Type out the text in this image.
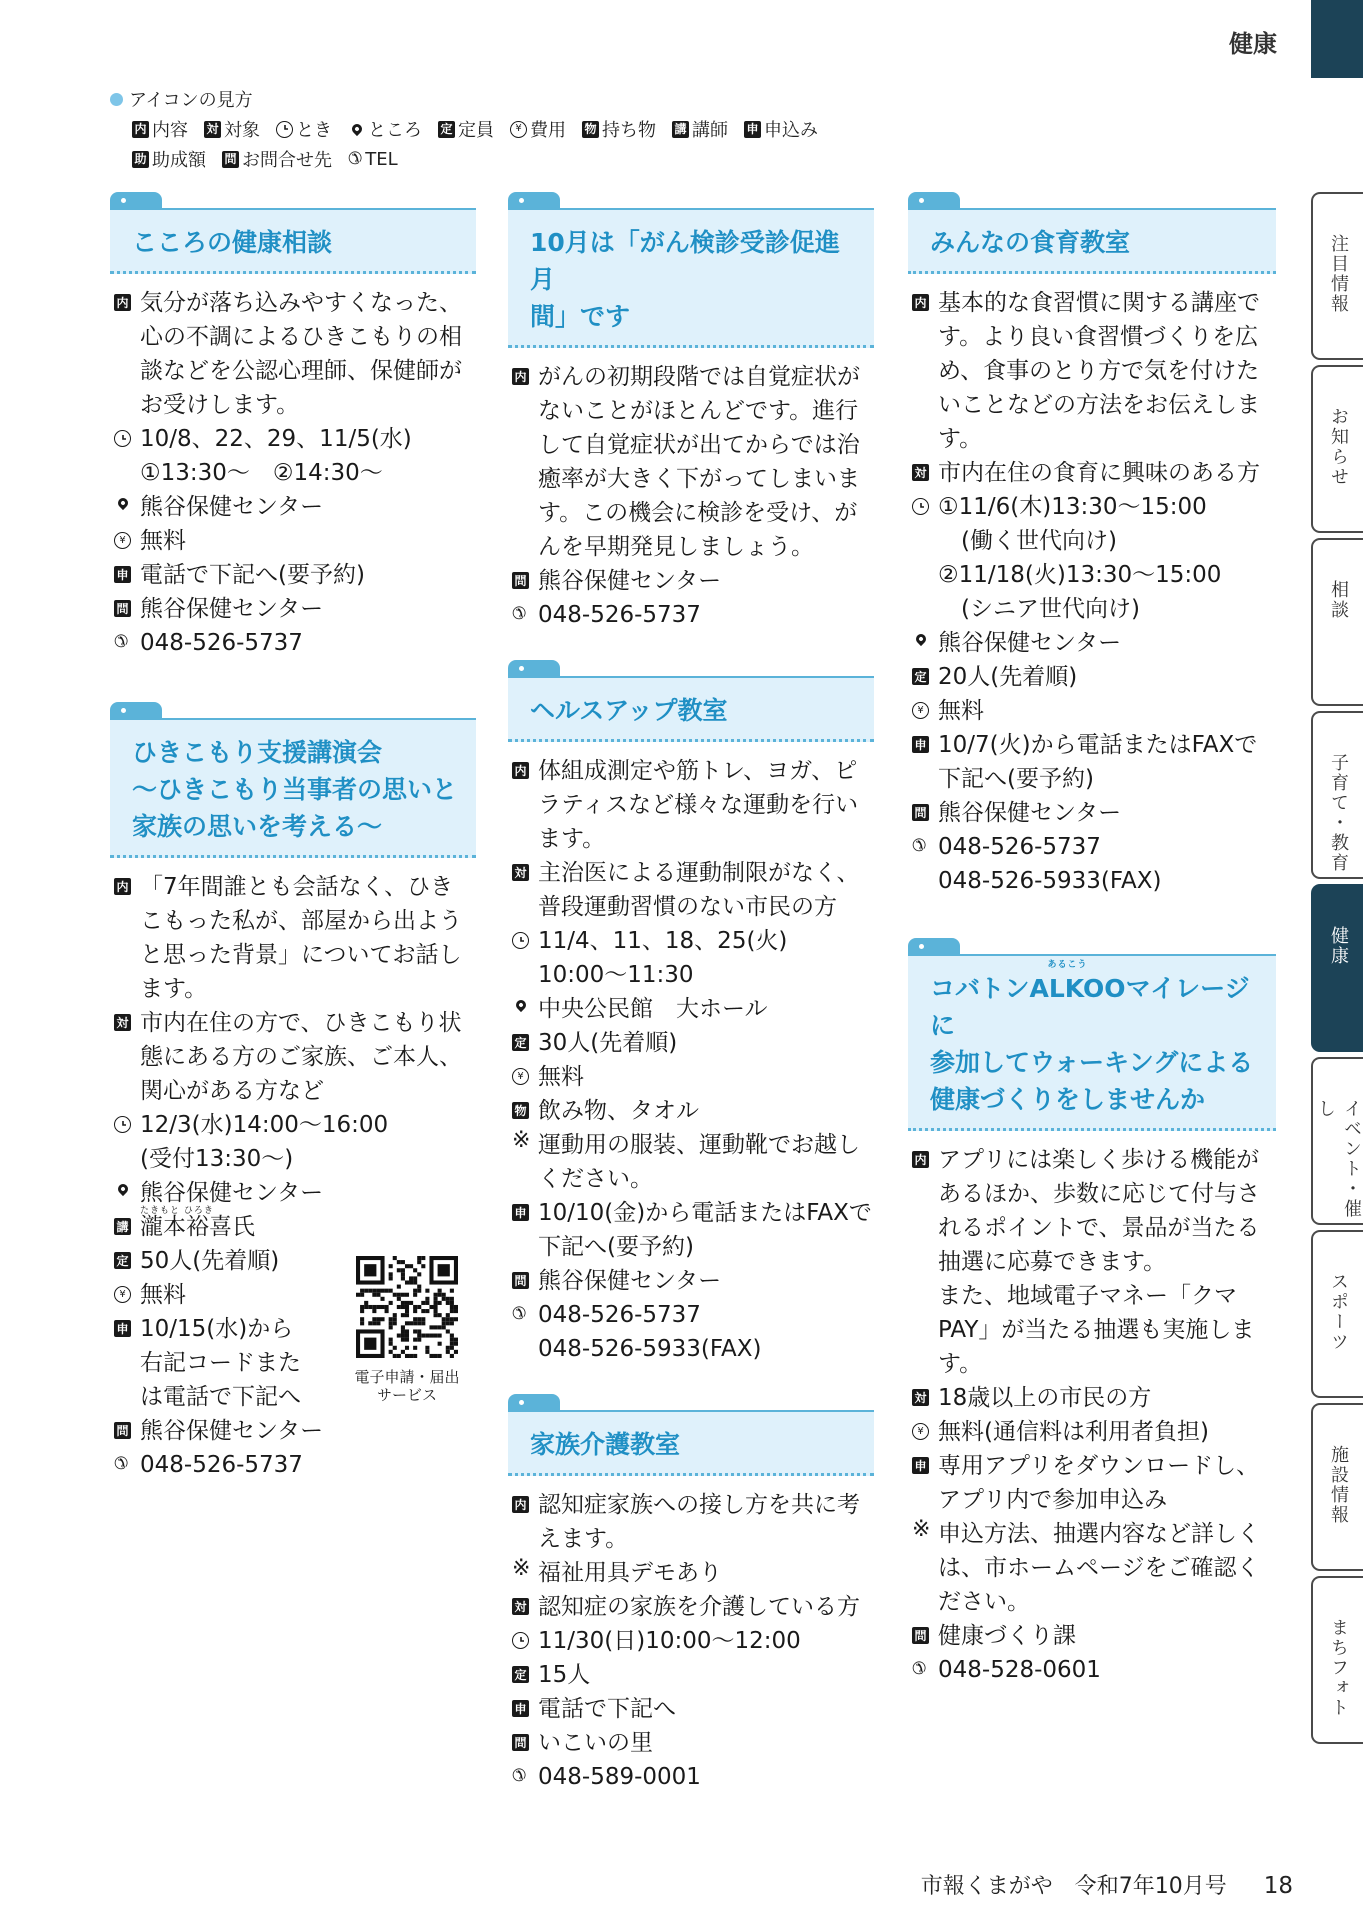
健康
アイコンの見方
内 内容 対 対象 とき ところ 定 定員	¥ 費用 物 持ち物 講 講師 申 申込み
助 助成額 問 お問合せ先 ✆ TEL
こころの健康相談
内 気分が落ち込みやすくなった、心の不調によるひきこもりの相談などを公認心理師、保健師がお受けします。
10/8、22、29、11/5(水)
①13:30～　②14:30～
熊谷保健センター
¥ 無料
申 電話で下記へ(要予約)
問 熊谷保健センター
✆ 048-526-5737
ひきこもり支援講演会
～ひきこもり当事者の思いと
家族の思いを考える～
内 「7年間誰とも会話なく、ひきこもった私が、部屋から出ようと思った背景」についてお話します。
対 市内在住の方で、ひきこもり状態にある方のご家族、ご本人、関心がある方など
12/3(水)14:00～16:00
(受付13:30～)
熊谷保健センター
講 瀧本裕喜氏
たきもと ひろき
定 50人(先着順)
¥ 無料
申 10/15(水)から
右記コードまた
は電話で下記へ
問 熊谷保健センター
✆ 048-526-5737
10月は「がん検診受診促進月
間」です
内 がんの初期段階では自覚症状がないことがほとんどです。進行して自覚症状が出てからでは治癒率が大きく下がってしまいます。この機会に検診を受け、がんを早期発見しましょう。
問 熊谷保健センター
✆ 048-526-5737
ヘルスアップ教室
内 体組成測定や筋トレ、ヨガ、ピラティスなど様々な運動を行います。
対 主治医による運動制限がなく、普段運動習慣のない市民の方
11/4、11、18、25(火)
10:00～11:30
中央公民館　大ホール
定 30人(先着順)
¥ 無料
物 飲み物、タオル
※ 運動用の服装、運動靴でお越しください。
申 10/10(金)から電話またはFAXで下記へ(要予約)
問 熊谷保健センター
✆ 048-526-5737
048-526-5933(FAX)
家族介護教室
内 認知症家族への接し方を共に考えます。
※ 福祉用具デモあり
対 認知症の家族を介護している方
11/30(日)10:00～12:00
定 15人
申 電話で下記へ
問 いこいの里
✆ 048-589-0001
みんなの食育教室
内 基本的な食習慣に関する講座です。より良い食習慣づくりを広め、食事のとり方で気を付けたいことなどの方法をお伝えします。
対 市内在住の食育に興味のある方
①11/6(木)13:30～15:00
　(働く世代向け)
②11/18(火)13:30～15:00
　(シニア世代向け)
熊谷保健センター
定 20人(先着順)
¥ 無料
申 10/7(火)から電話またはFAXで下記へ(要予約)
問 熊谷保健センター
✆ 048-526-5737
048-526-5933(FAX)
コバトンALKOO
あるこう
マイレージに
参加してウォーキングによる
健康づくりをしませんか
内 アプリには楽しく歩ける機能があるほか、歩数に応じて付与されるポイントで、景品が当たる抽選に応募できます。
また、地域電子マネー「クマPAY」が当たる抽選も実施します。
対 18歳以上の市民の方
¥ 無料(通信料は利用者負担)
申 専用アプリをダウンロードし、アプリ内で参加申込み
※ 申込方法、抽選内容など詳しくは、市ホームページをご確認ください。
問 健康づくり課
✆ 048-528-0601
電子申請・届出
サービス
注目情報
お知らせ
相談
子育て・教育
健康
イベント・催し
スポーツ
施設情報
まちフォト
市報くまがや　令和7年10月号 18
